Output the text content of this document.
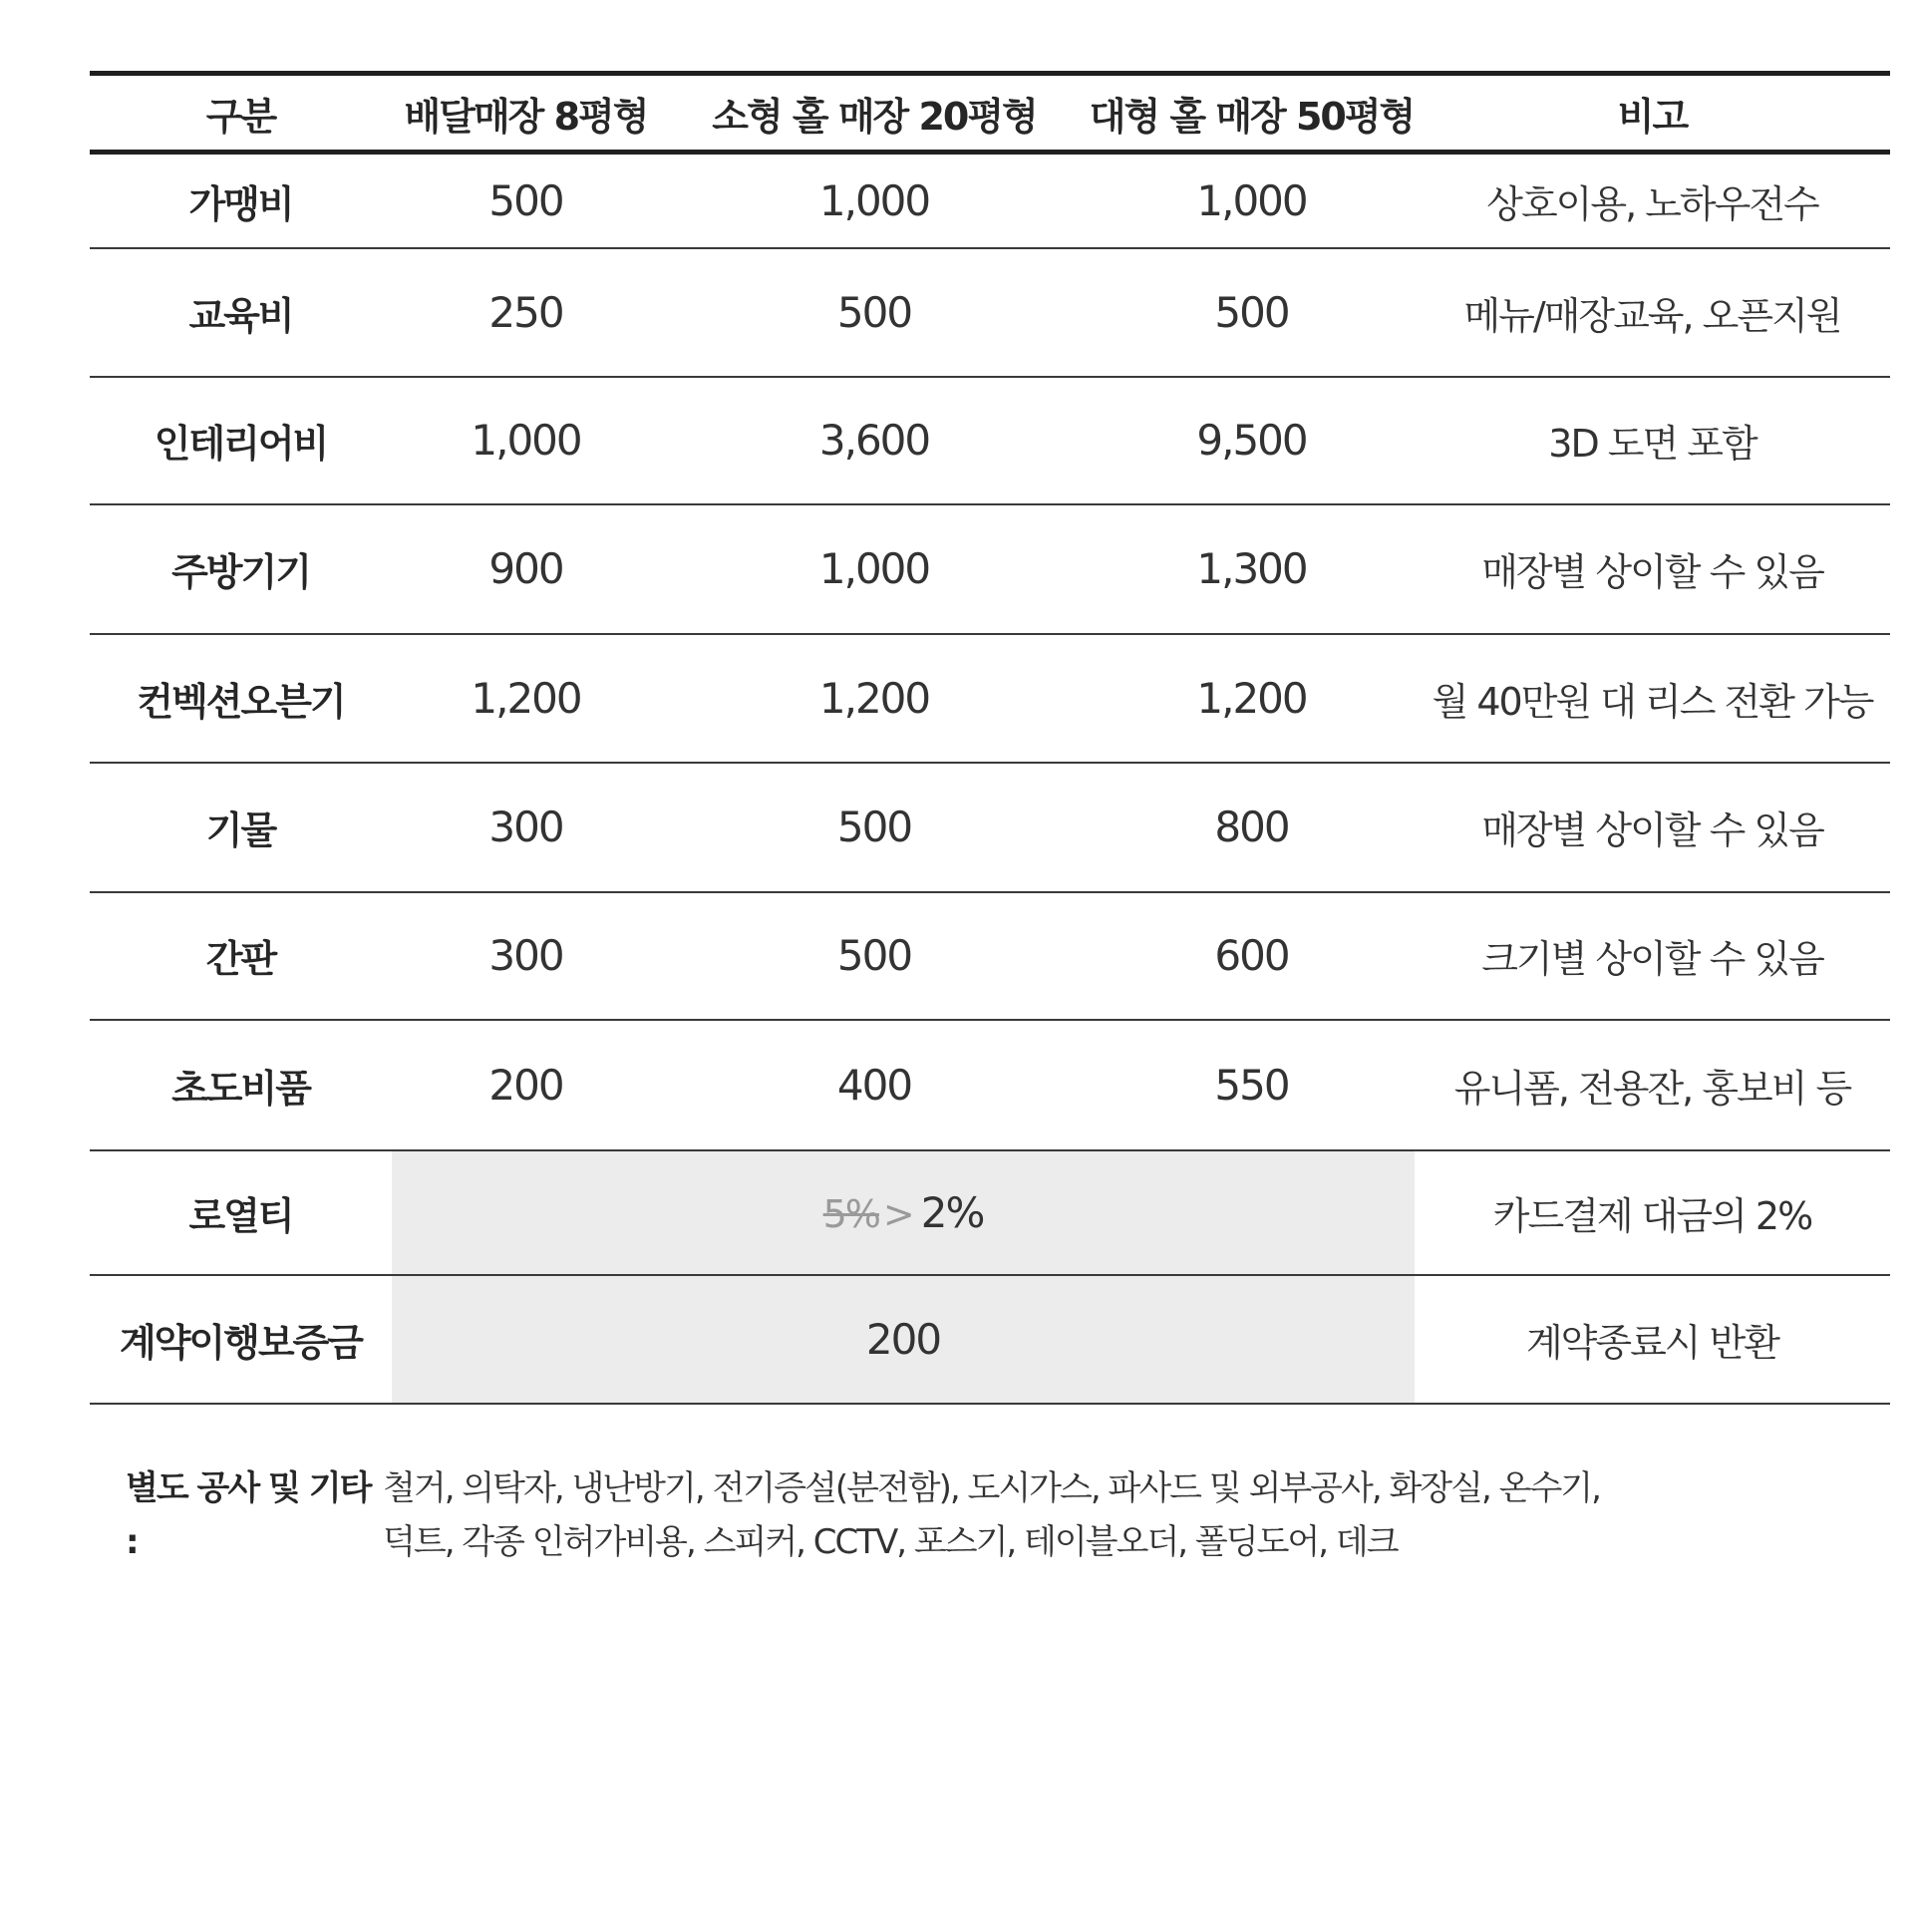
구분	배달매장 8평형	소형 홀 매장 20평형	대형 홀 매장 50평형	비고
가맹비	500	1,000	1,000	상호이용, 노하우전수
교육비	250	500	500	메뉴/매장교육, 오픈지원
인테리어비	1,000	3,600	9,500	3D 도면 포함
주방기기	900	1,000	1,300	매장별 상이할 수 있음
컨벡션오븐기	1,200	1,200	1,200	월 40만원 대 리스 전환 가능
기물	300	500	800	매장별 상이할 수 있음
간판	300	500	600	크기별 상이할 수 있음
초도비품	200	400	550	유니폼, 전용잔, 홍보비 등
로열티	5% > 2%			카드결제 대금의 2%
계약이행보증금	200			계약종료시 반환
별도 공사 및 기타 :
철거, 의탁자, 냉난방기, 전기증설(분전함), 도시가스, 파사드 및 외부공사, 화장실, 온수기,
덕트, 각종 인허가비용, 스피커, CCTV, 포스기, 테이블오더, 폴딩도어, 데크
